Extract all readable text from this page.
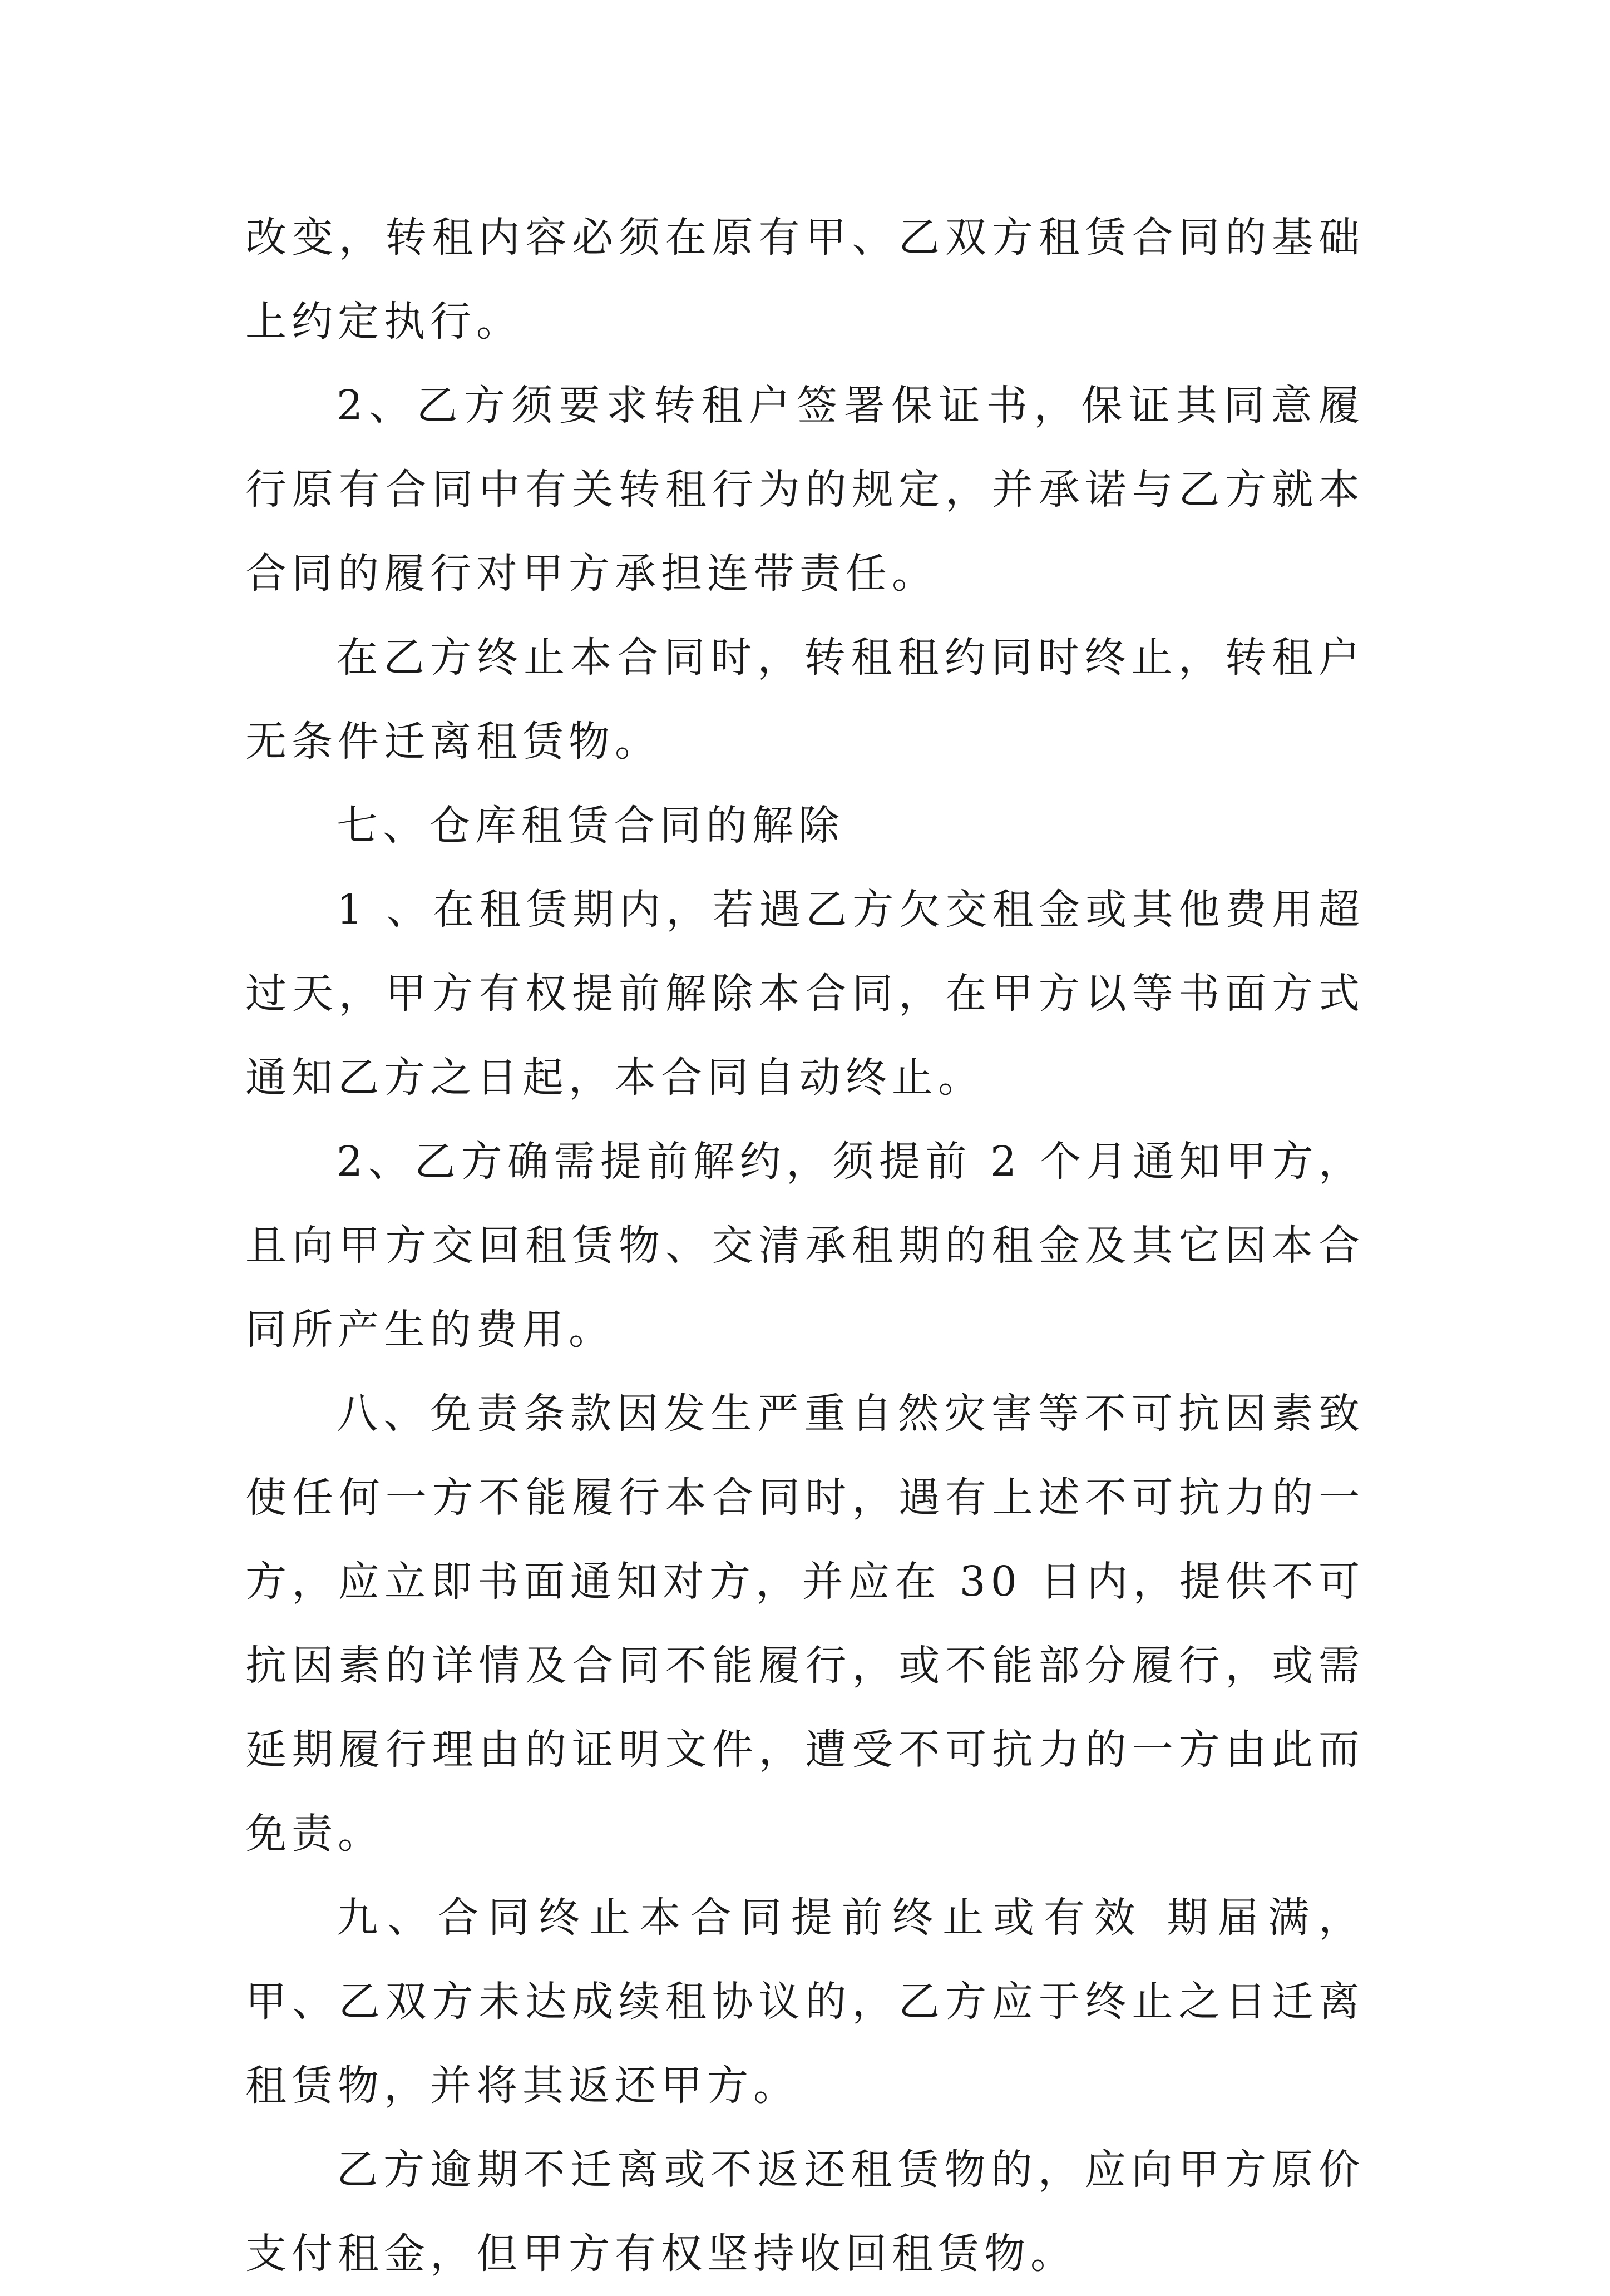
改变，转租内容必须在原有甲、乙双方租赁合同的基础上约定执行。

2、乙方须要求转租户签署保证书，保证其同意履行原有合同中有关转租行为的规定，并承诺与乙方就本合同的履行对甲方承担连带责任。

在乙方终止本合同时，转租租约同时终止，转租户无条件迁离租赁物。

七、仓库租赁合同的解除

1 、在租赁期内，若遇乙方欠交租金或其他费用超过天，甲方有权提前解除本合同，在甲方以等书面方式通知乙方之日起，本合同自动终止。

2、乙方确需提前解约，须提前 2 个月通知甲方，且向甲方交回租赁物、交清承租期的租金及其它因本合同所产生的费用。

八、免责条款因发生严重自然灾害等不可抗因素致使任何一方不能履行本合同时，遇有上述不可抗力的一方，应立即书面通知对方，并应在 30 日内，提供不可抗因素的详情及合同不能履行，或不能部分履行，或需延期履行理由的证明文件，遭受不可抗力的一方由此而免责。

九、合同终止本合同提前终止或有效 期届满，甲、乙双方未达成续租协议的，乙方应于终止之日迁离租赁物，并将其返还甲方。

乙方逾期不迁离或不返还租赁物的，应向甲方原价支付租金，但甲方有权坚持收回租赁物。
